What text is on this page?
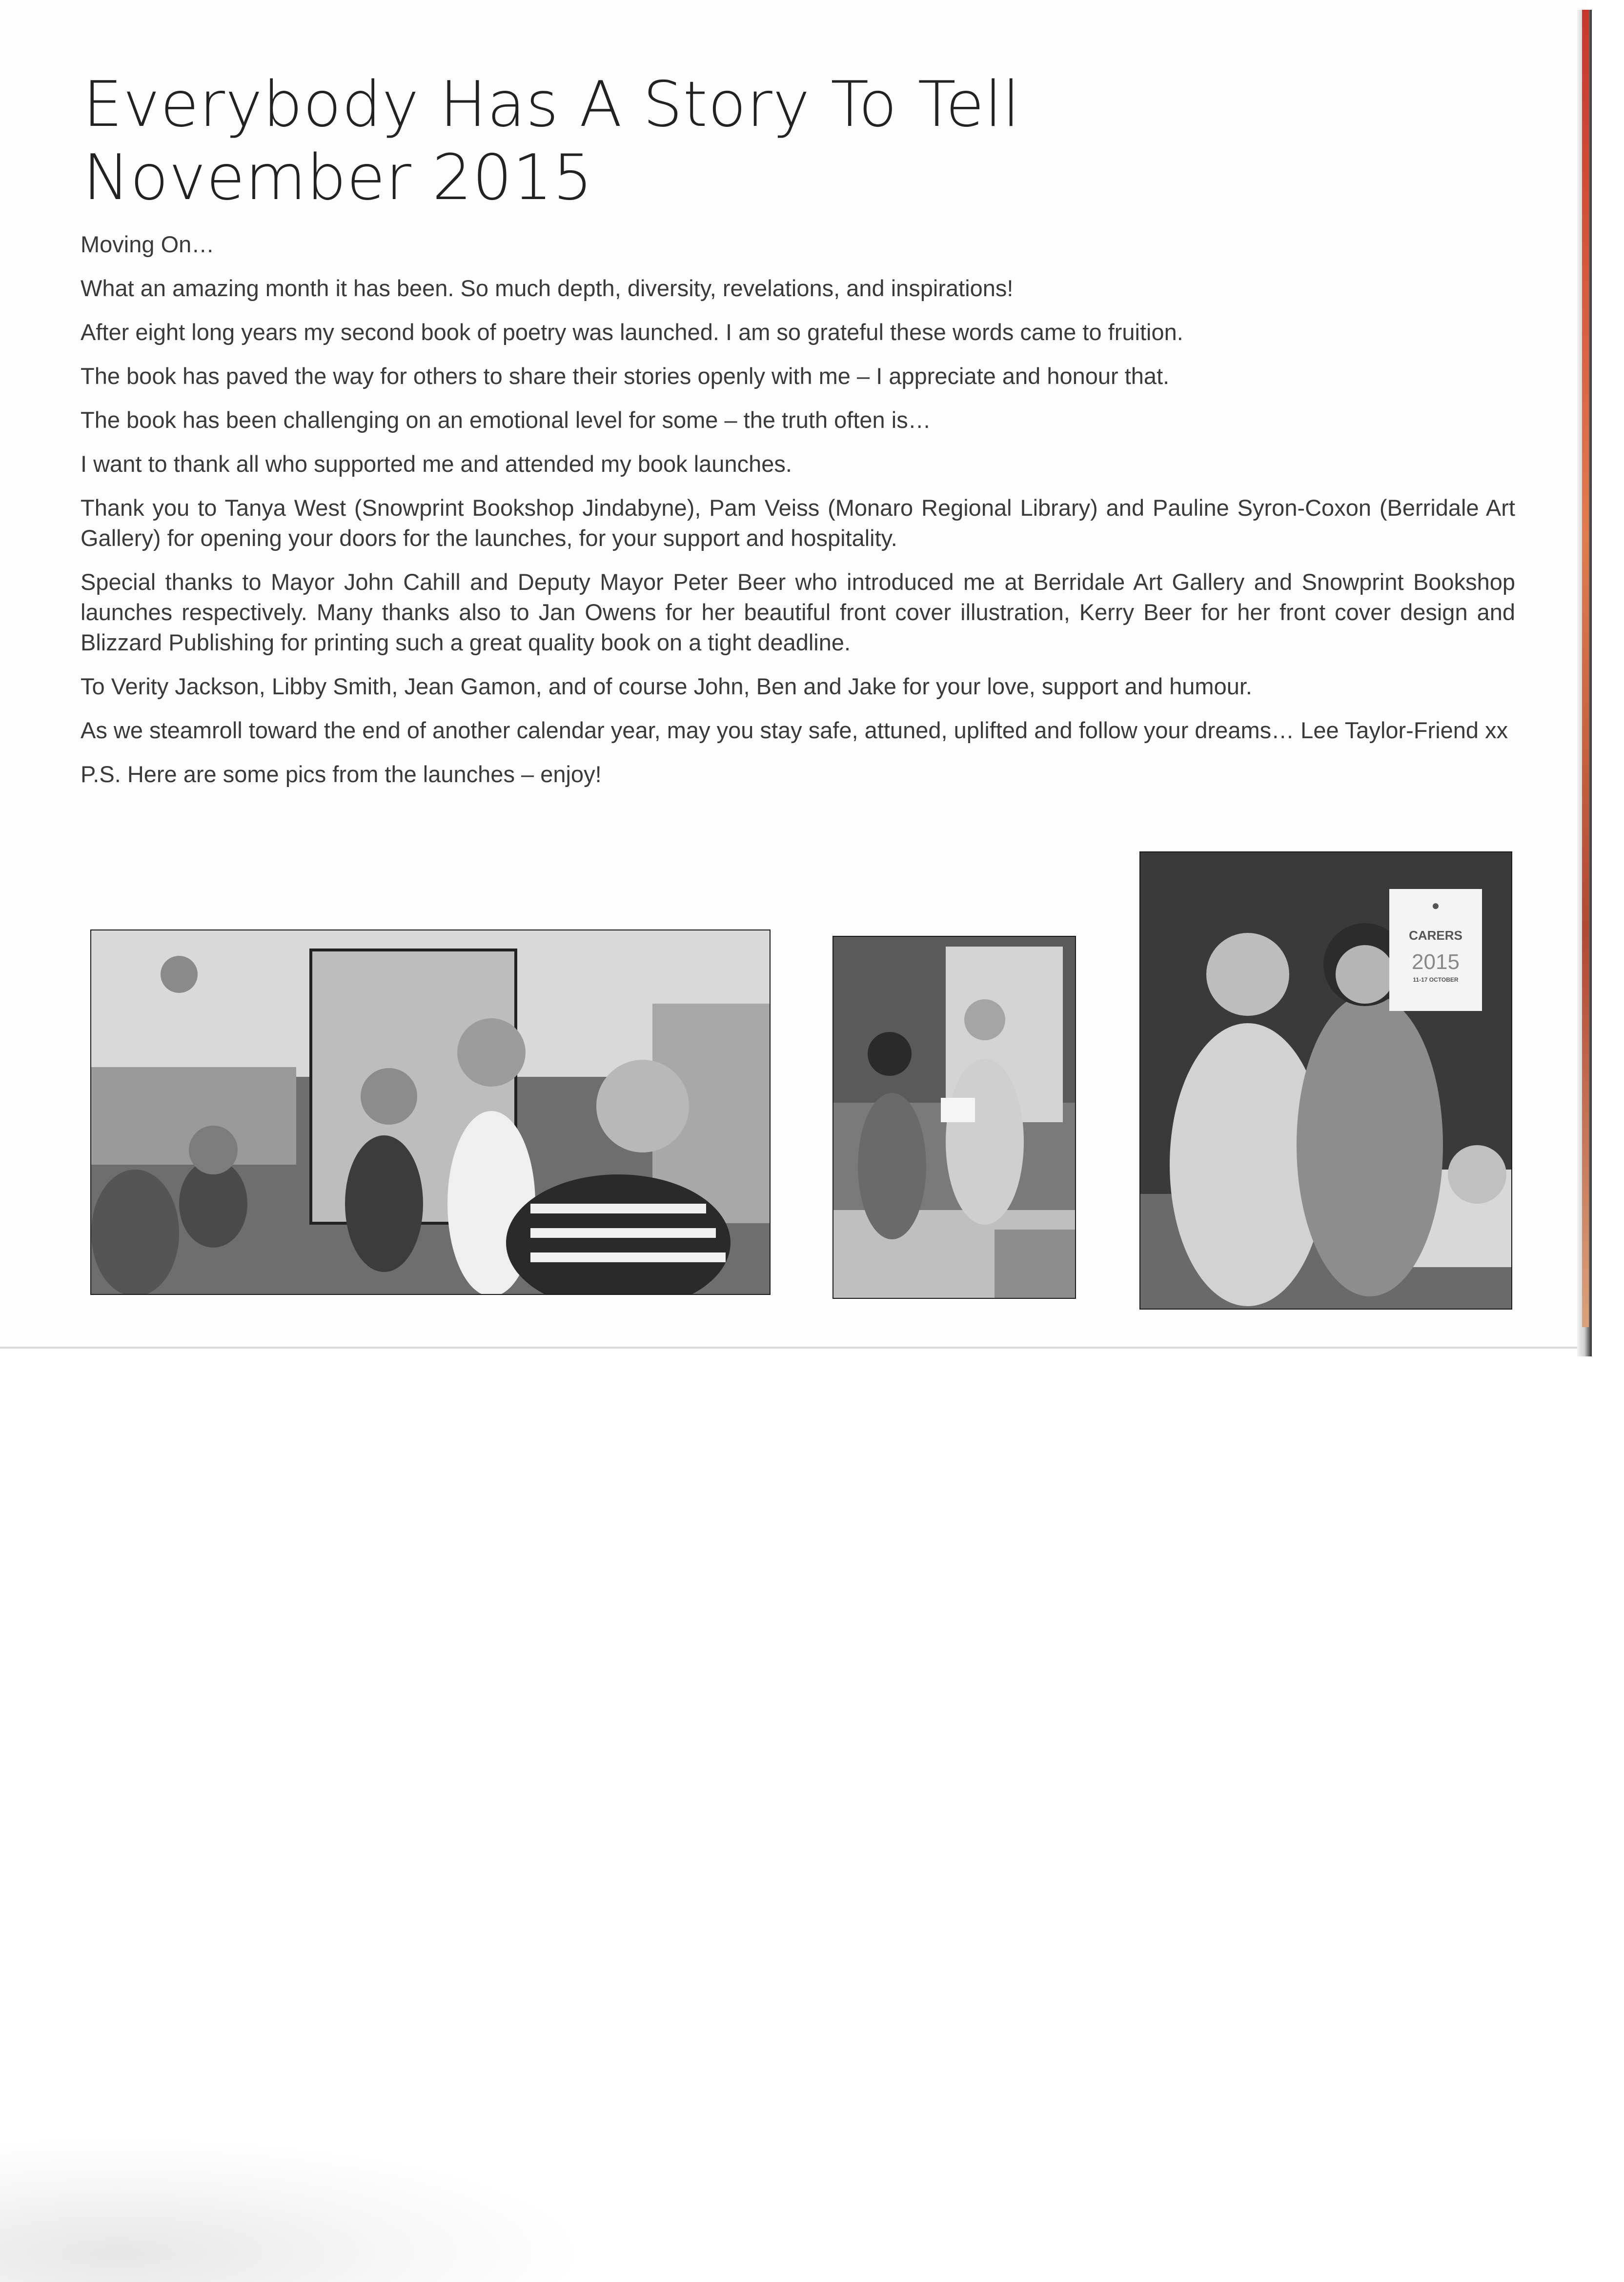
Everybody Has A Story To Tell
November 2015

Moving On…

What an amazing month it has been. So much depth, diversity, revelations, and inspirations!

After eight long years my second book of poetry was launched. I am so grateful these words came to fruition.

The book has paved the way for others to share their stories openly with me – I appreciate and honour that.

The book has been challenging on an emotional level for some – the truth often is…

I want to thank all who supported me and attended my book launches.

Thank you to Tanya West (Snowprint Bookshop Jindabyne), Pam Veiss (Monaro Regional Library) and Pauline Syron-Coxon (Berridale Art Gallery) for opening your doors for the launches, for your support and hospitality.

Special thanks to Mayor John Cahill and Deputy Mayor Peter Beer who introduced me at Berridale Art Gallery and Snowprint Bookshop launches respectively. Many thanks also to Jan Owens for her beautiful front cover illustration, Kerry Beer for her front cover design and Blizzard Publishing for printing such a great quality book on a tight deadline.

To Verity Jackson, Libby Smith, Jean Gamon, and of course John, Ben and Jake for your love, support and humour.

As we steamroll toward the end of another calendar year, may you stay safe, attuned, uplifted and follow your dreams… Lee Taylor-Friend xx

P.S. Here are some pics from the launches – enjoy!

●
CARERS
2015
11-17 OCTOBER
